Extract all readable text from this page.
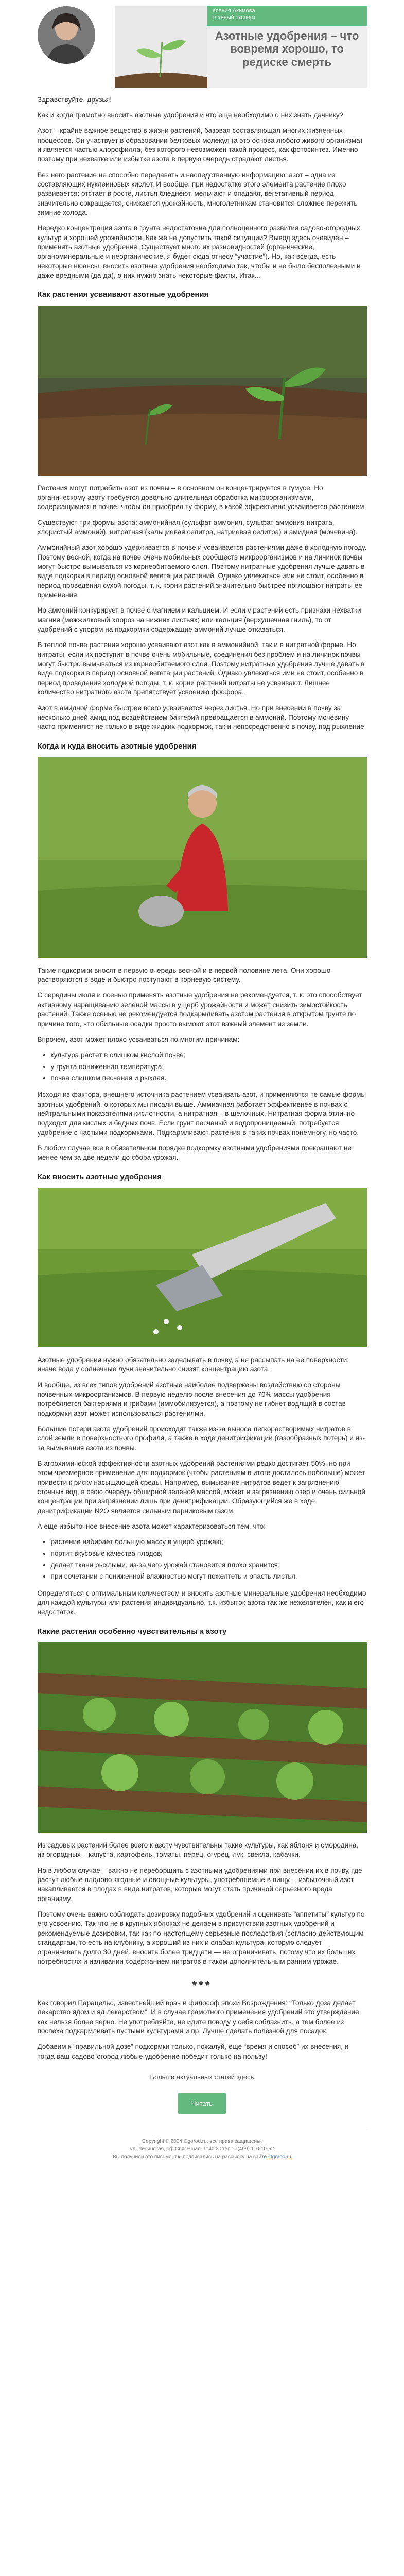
Ксения Акимова
главный эксперт
Азотные удобрения – что вовремя хорошо, то редиске смерть
Здравствуйте, друзья!

Как и когда грамотно вносить азотные удобрения и что еще необходимо о них знать дачнику?

Азот – крайне важное вещество в жизни растений, базовая составляющая многих жизненных процессов. Он участвует в образовании белковых молекул (а это основа любого живого организма) и является частью хлорофилла, без которого невозможен такой процесс, как фотосинтез. Именно поэтому при нехватке или избытке азота в первую очередь страдают листья.

Без него растение не способно передавать и наследственную информацию: азот – одна из составляющих нуклеиновых кислот. И вообще, при недостатке этого элемента растение плохо развивается: отстает в росте, листья бледнеют, мельчают и опадают, вегетативный период значительно сокращается, снижается урожайность, многолетникам становится сложнее пережить зимние холода.

Нередко концентрация азота в грунте недостаточна для полноценного развития садово-огородных культур и хорошей урожайности. Как же не допустить такой ситуации? Вывод здесь очевиден – применять азотные удобрения. Существует много их разновидностей (органические, органоминеральные и неорганические, я будет сюда отнесу “участие”). Но, как всегда, есть некоторые нюансы: вносить азотные удобрения необходимо так, чтобы и не было бесполезными и даже вредными (да-да), о них нужно знать некоторые факты. Итак...

Как растения усваивают азотные удобрения

Растения могут потребить азот из почвы – в основном он концентрируется в гумусе. Но органическому азоту требуется довольно длительная обработка микроорганизмами, содержащимися в почве, чтобы он приобрел ту форму, в какой эффективно усваивается растением.

Существуют три формы азота: аммонийная (сульфат аммония, сульфат аммония-нитрата, хлористый аммоний), нитратная (кальциевая селитра, натриевая селитра) и амидная (мочевина).

Аммонийный азот хорошо удерживается в почве и усваивается растениями даже в холодную погоду. Поэтому весной, когда на почве очень мобильных сообществ микроорганизмов и на личинок почвы могут быстро вымываться из корнеобитаемого слоя. Поэтому нитратные удобрения лучше давать в виде подкорки в период основной вегетации растений. Однако увлекаться ими не стоит, особенно в период проведения сухой погоды, т. к. корни растений значительно быстрее поглощают нитраты ее применения.

Но аммоний конкурирует в почве с магнием и кальцием. И если у растений есть признаки нехватки магния (межжилковый хлороз на нижних листьях) или кальция (верхушечная гниль), то от удобрений с упором на подкормки содержащие аммоний лучше отказаться.

В теплой почве растения хорошо усваивают азот как в аммонийной, так и в нитратной форме. Но нитраты, если их поступит в почве очень мобильные, соединения без проблем и на личинок почвы могут быстро вымываться из корнеобитаемого слоя. Поэтому нитратные удобрения лучше давать в виде подкорки в период основной вегетации растений. Однако увлекаться ими не стоит, особенно в период проведения холодной погоды, т. к. корни растений нитраты не усваивают. Лишнее количество нитратного азота препятствует усвоению фосфора.

Азот в амидной форме быстрее всего усваивается через листья. Но при внесении в почву за несколько дней амид под воздействием бактерий превращается в аммоний. Поэтому мочевину часто применяют не только в виде жидких подкормок, так и непосредственно в почву, под рыхление.

Когда и куда вносить азотные удобрения

Такие подкормки вносят в первую очередь весной и в первой половине лета. Они хорошо растворяются в воде и быстро поступают в корневую систему.

С середины июля и осенью применять азотные удобрения не рекомендуется, т. к. это способствует активному наращиванию зеленой массы в ущерб урожайности и может снизить зимостойкость растений. Также осенью не рекомендуется подкармливать азотом растения в открытом грунте по причине того, что обильные осадки просто вымоют этот важный элемент из земли.

Впрочем, азот может плохо усваиваться по многим причинам:

• культура растет в слишком кислой почве;
• у грунта пониженная температура;
• почва слишком песчаная и рыхлая.

Исходя из фактора, внешнего источника растением усваивать азот, и применяются те самые формы азотных удобрений, о которых мы писали выше. Аммиачная работает эффективнее в почвах с нейтральными показателями кислотности, а нитратная – в щелочных. Нитратная форма отлично подходит для кислых и бедных почв. Если грунт песчаный и водопроницаемый, потребуется удобрение с частыми подкормками. Подкармливают растения в таких почвах понемногу, но часто.

В любом случае все в обязательном порядке подкормку азотными удобрениями прекращают не менее чем за две недели до сбора урожая.

Как вносить азотные удобрения

Азотные удобрения нужно обязательно заделывать в почву, а не рассыпать на ее поверхности: иначе вода у солнечные лучи значительно снизят концентрацию азота.

И вообще, из всех типов удобрений азотные наиболее подвержены воздействию со стороны почвенных микроорганизмов. В первую неделю после внесения до 70% массы удобрения потребляется бактериями и грибами (иммобилизуется), а поэтому не гибнет водящий в состав подкормки азот может использоваться растениями.

Большие потери азота удобрений происходят также из-за выноса легкорастворимых нитратов в слой земли в поверхностного профиля, а также в ходе денитрификации (газообразных потерь) и из-за вымывания азота из почвы.

В агрохимической эффективности азотных удобрений растениями редко достигает 50%, но при этом чрезмерное применение для подкормок (чтобы растениям в итоге досталось побольше) может привести к риску насыщающей среды. Например, вымывание нитратов ведет к загрязнению сточных вод, в свою очередь обширной зеленой массой, может и загрязнению озер и очень сильной концентрации при загрязнении лишь при денитрификации. Образующийся же в ходе денитрификации N2O является сильным парниковым газом.

А еще избыточное внесение азота может характеризоваться тем, что:

• растение набирает большую массу в ущерб урожаю;
• портит вкусовые качества плодов;
• делает ткани рыхлыми, из-за чего урожай становится плохо хранится;
• при сочетании с пониженной влажностью могут пожелтеть и опасть листья.

Определяться с оптимальным количеством и вносить азотные минеральные удобрения необходимо для каждой культуры или растения индивидуально, т.к. избыток азота так же нежелателен, как и его недостаток.

Какие растения особенно чувствительны к азоту

Из садовых растений более всего к азоту чувствительны такие культуры, как яблоня и смородина, из огородных – капуста, картофель, томаты, перец, огурец, лук, свекла, кабачки.

Но в любом случае – важно не переборщить с азотными удобрениями при внесении их в почву, где растут любые плодово-ягодные и овощные культуры, употребляемые в пищу, – избыточный азот накапливается в плодах в виде нитратов, которые могут стать причиной серьезного вреда организму.

Поэтому очень важно соблюдать дозировку подобных удобрений и оценивать “аппетиты” культур по его усвоению. Так что не в крупных яблоках не делаем в присутствии азотных удобрений и рекомендуемые дозировки, так как по-настоящему серьезные последствия (согласно действующим стандартам, то есть на клубнику, а хороший из них и слабая культура, которую следует ограничивать долго 30 дней, вносить более тридцати — не ограничивать, потому что их больших потребностях и изливании содержанием нитратов в таком дополнительным ранним урожае.

***

Как говорил Парацельс, известнейший врач и философ эпохи Возрождения: “Только доза делает лекарство ядом и яд лекарством”. И в случае грамотного применения удобрений это утверждение как нельзя более верно. Не употребляйте, не идите поводу у себя соблазнить, а тем более из поспеха подкармливать пустыми культурами и пр. Лучше сделать полезной для посадок.

Добавим к “правильной дозе” подкормки только, пожалуй, еще “время и способ” их внесения, и тогда ваш садово-огород любые удобрение победит только на пользу!

Больше актуальных статей здесь
Читать
Copyright © 2024 Ogorod.ru, все права защищены.
ул. Ленинская, оф.Связечная, 11400С тел.: 7(499) 110-10-52
Вы получили это письмо, т.к. подписались на рассылку на сайте Ogorod.ru
